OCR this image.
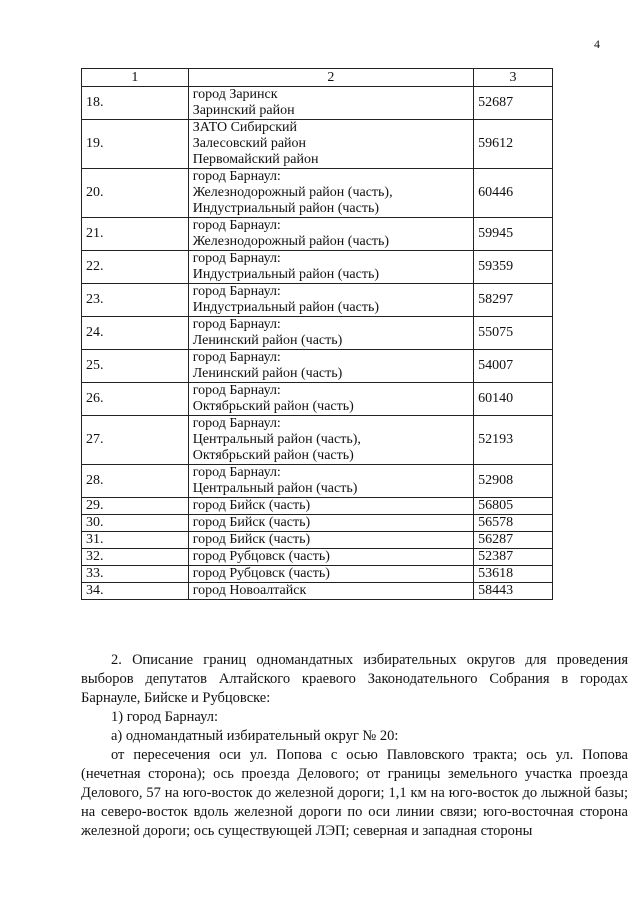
4
1	2	3
18.	город Заринск
Заринский район	52687
19.	ЗАТО Сибирский
Залесовский район
Первомайский район	59612
20.	город Барнаул:
Железнодорожный район (часть),
Индустриальный район (часть)	60446
21.	город Барнаул:
Железнодорожный район (часть)	59945
22.	город Барнаул:
Индустриальный район (часть)	59359
23.	город Барнаул:
Индустриальный район (часть)	58297
24.	город Барнаул:
Ленинский район (часть)	55075
25.	город Барнаул:
Ленинский район (часть)	54007
26.	город Барнаул:
Октябрьский район (часть)	60140
27.	город Барнаул:
Центральный район (часть),
Октябрьский район (часть)	52193
28.	город Барнаул:
Центральный район (часть)	52908
29.	город Бийск (часть)	56805
30.	город Бийск (часть)	56578
31.	город Бийск (часть)	56287
32.	город Рубцовск (часть)	52387
33.	город Рубцовск (часть)	53618
34.	город Новоалтайск	58443

2. Описание границ одномандатных избирательных округов для проведения выборов депутатов Алтайского краевого Законодательного Собрания в городах Барнауле, Бийске и Рубцовске:

1) город Барнаул:

а) одномандатный избирательный округ № 20:

от пересечения оси ул. Попова с осью Павловского тракта; ось ул. Попова (нечетная сторона); ось проезда Делового; от границы земельного участка проезда Делового, 57 на юго-восток до железной дороги; 1,1 км на юго-восток до лыжной базы; на северо-восток вдоль железной дороги по оси линии связи; юго-восточная сторона железной дороги; ось существующей ЛЭП; северная и западная стороны
